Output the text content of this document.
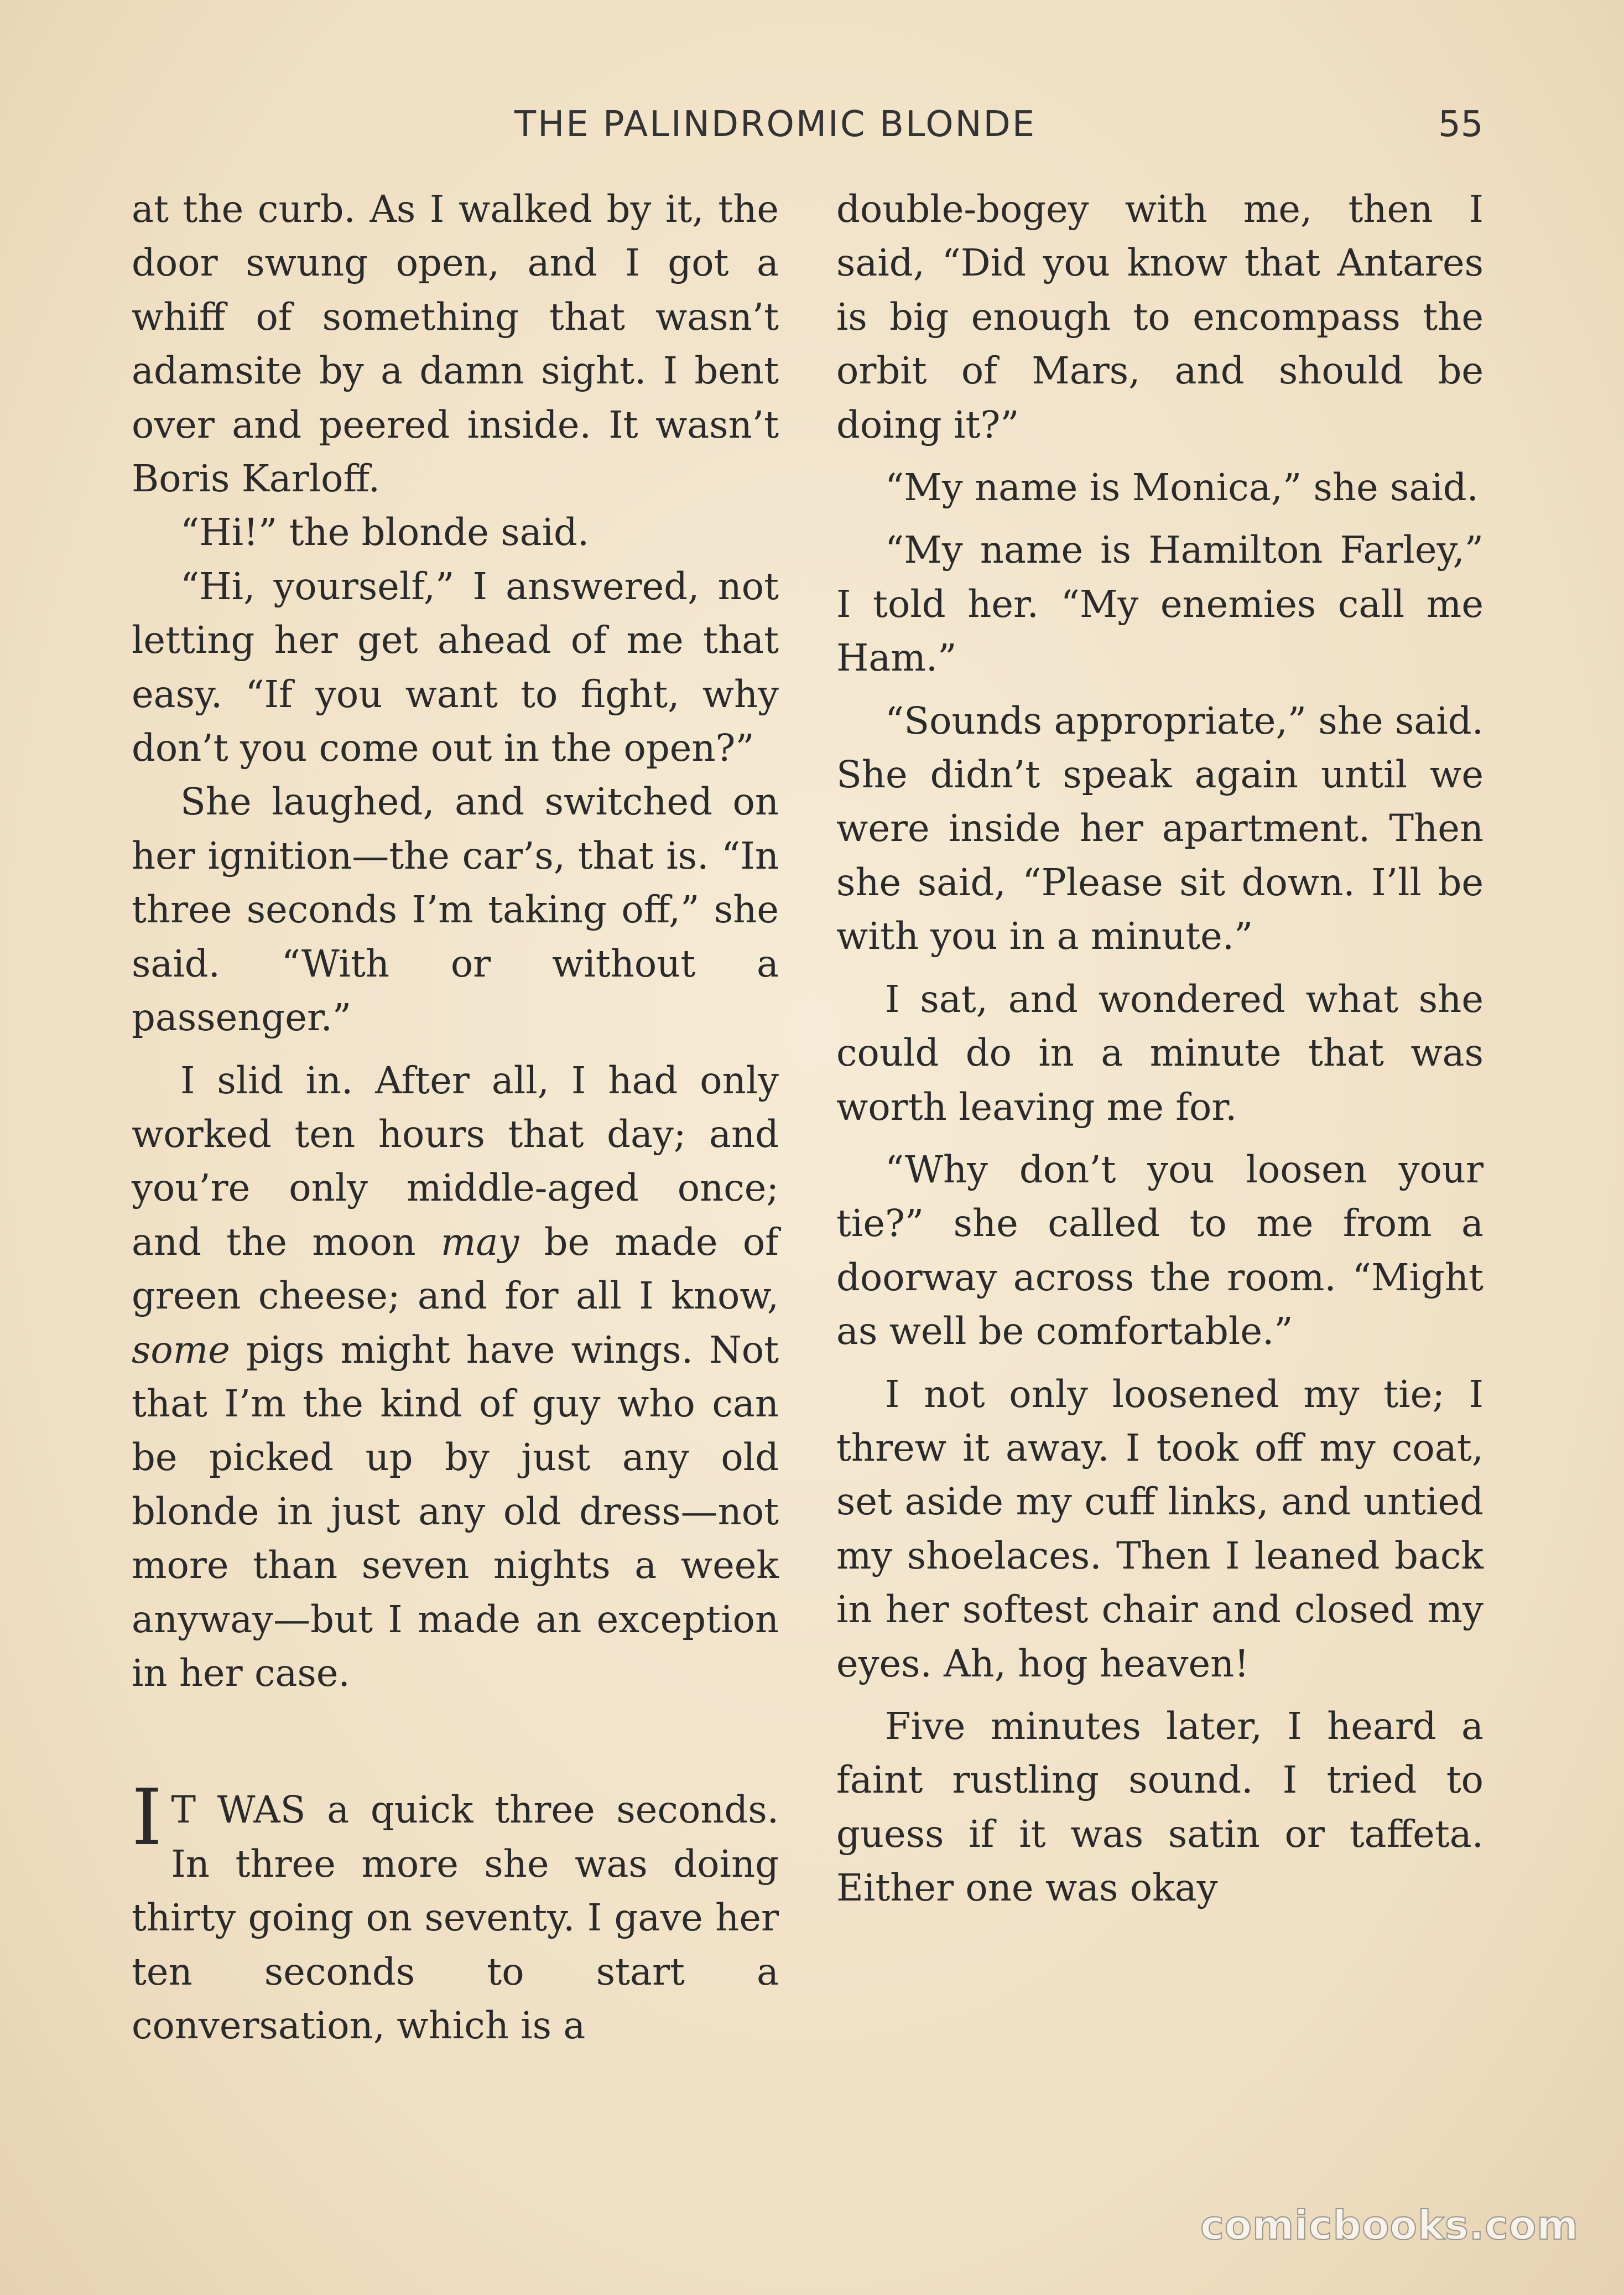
THE PALINDROMIC BLONDE	55

at the curb. As I walked by it, the door swung open, and I got a whiff of something that wasn’t adamsite by a damn sight. I bent over and peered inside. It wasn’t Boris Karloff.

“Hi!” the blonde said.

“Hi, yourself,” I answered, not letting her get ahead of me that easy. “If you want to fight, why don’t you come out in the open?”

She laughed, and switched on her ignition—the car’s, that is. “In three seconds I’m taking off,” she said. “With or without a passenger.”

I slid in. After all, I had only worked ten hours that day; and you’re only middle-aged once; and the moon may be made of green cheese; and for all I know, some pigs might have wings. Not that I’m the kind of guy who can be picked up by just any old blonde in just any old dress—not more than seven nights a week anyway—but I made an exception in her case.

I T WAS a quick three seconds. In three more she was doing thirty going on seventy. I gave her ten seconds to start a conversation, which is a

double-bogey with me, then I said, “Did you know that Antares is big enough to encompass the orbit of Mars, and should be doing it?”

“My name is Monica,” she said.

“My name is Hamilton Farley,” I told her. “My enemies call me Ham.”

“Sounds appropriate,” she said. She didn’t speak again until we were inside her apartment. Then she said, “Please sit down. I’ll be with you in a minute.”

I sat, and wondered what she could do in a minute that was worth leaving me for.

“Why don’t you loosen your tie?” she called to me from a doorway across the room. “Might as well be comfortable.”

I not only loosened my tie; I threw it away. I took off my coat, set aside my cuff links, and untied my shoelaces. Then I leaned back in her softest chair and closed my eyes. Ah, hog heaven!

Five minutes later, I heard a faint rustling sound. I tried to guess if it was satin or taffeta. Either one was okay

comicbooks.com
